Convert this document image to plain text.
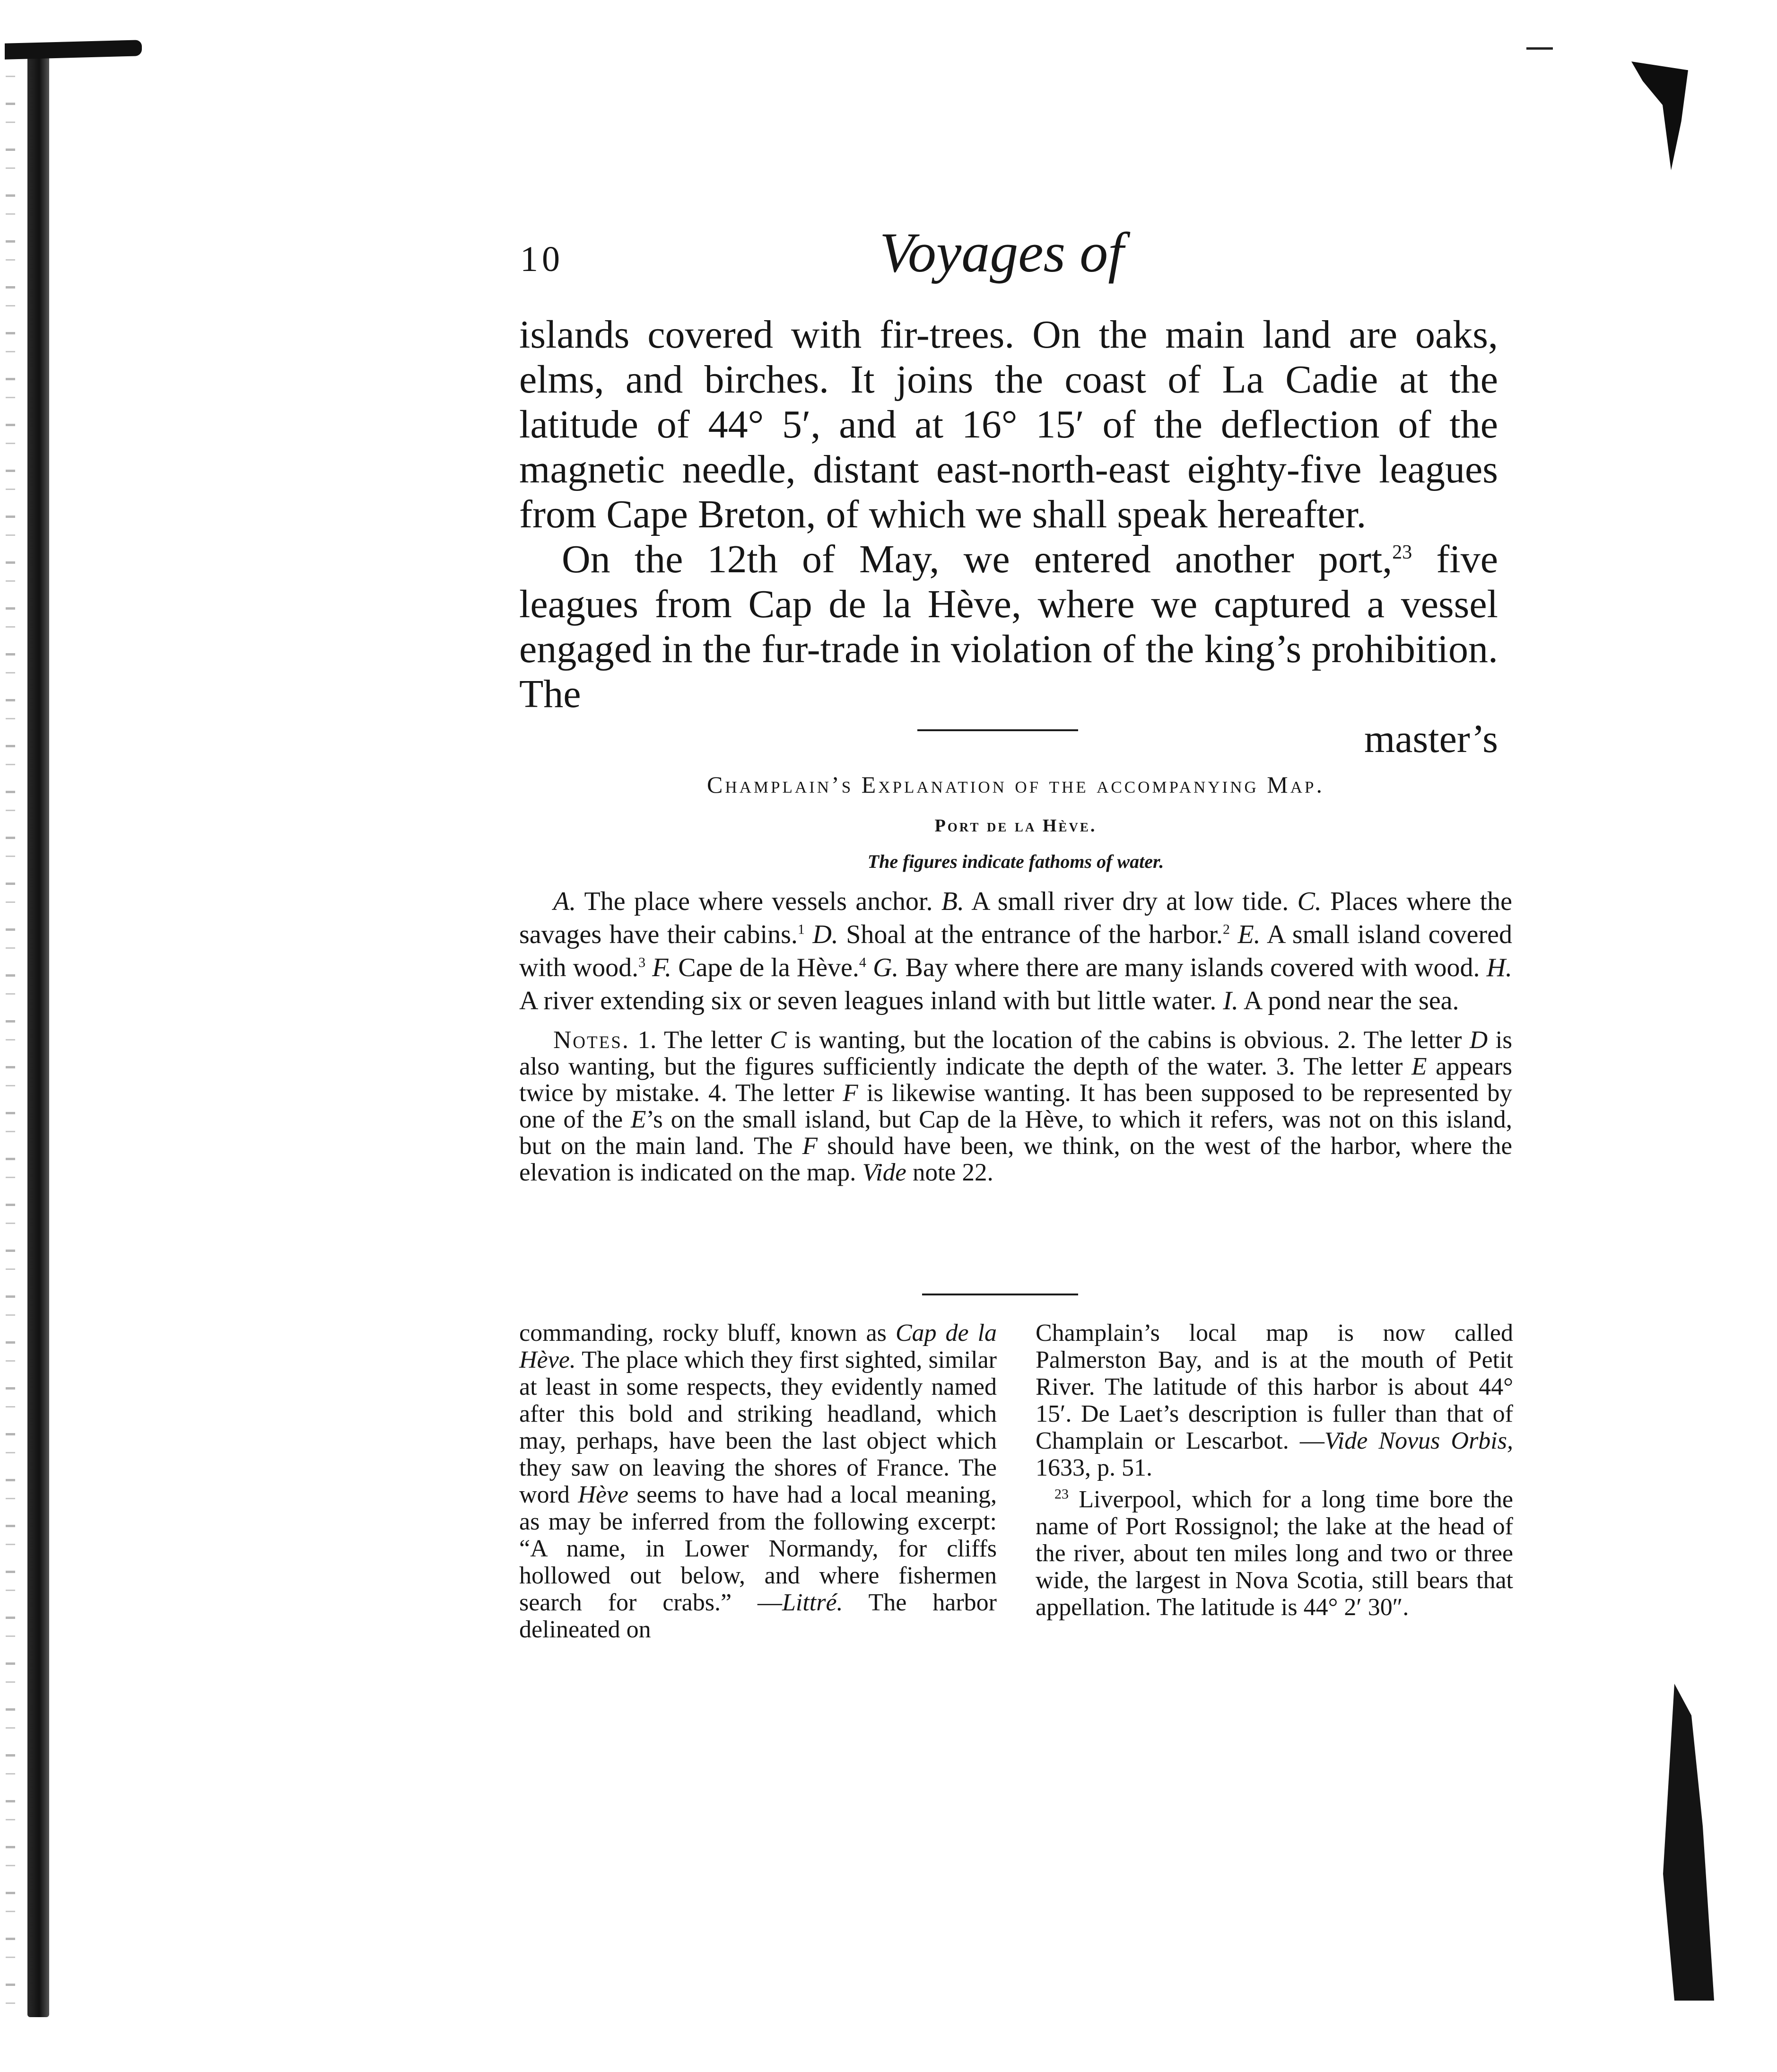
10	Voyages of

islands covered with fir-trees. On the main land are oaks, elms, and birches. It joins the coast of La Cadie at the latitude of 44° 5′, and at 16° 15′ of the deflection of the magnetic needle, distant east-north-east eighty-five leagues from Cape Breton, of which we shall speak hereafter.

On the 12th of May, we entered another port,$^{23}$ five leagues from Cap de la Hève, where we captured a vessel engaged in the fur-trade in violation of the king’s prohibition. The

master’s

Champlain’s Explanation of the accompanying Map.

Port de la Hève.

The figures indicate fathoms of water.

A. The place where vessels anchor. B. A small river dry at low tide. C. Places where the savages have their cabins.$^1$ D. Shoal at the entrance of the harbor.$^2$ E. A small island covered with wood.$^3$ F. Cape de la Hève.$^4$ G. Bay where there are many islands covered with wood. H. A river extending six or seven leagues inland with but little water. I. A pond near the sea.

Notes. 1. The letter C is wanting, but the location of the cabins is obvious. 2. The letter D is also wanting, but the figures sufficiently indicate the depth of the water. 3. The letter E appears twice by mistake. 4. The letter F is likewise wanting. It has been supposed to be represented by one of the E’s on the small island, but Cap de la Hève, to which it refers, was not on this island, but on the main land. The F should have been, we think, on the west of the harbor, where the elevation is indicated on the map. Vide note 22.

commanding, rocky bluff, known as Cap de la Hève. The place which they first sighted, similar at least in some respects, they evidently named after this bold and striking headland, which may, perhaps, have been the last object which they saw on leaving the shores of France. The word Hève seems to have had a local meaning, as may be inferred from the following excerpt: “A name, in Lower Normandy, for cliffs hollowed out below, and where fishermen search for crabs.” —Littré. The harbor delineated on

Champlain’s local map is now called Palmerston Bay, and is at the mouth of Petit River. The latitude of this harbor is about 44° 15′. De Laet’s description is fuller than that of Champlain or Lescarbot. —Vide Novus Orbis, 1633, p. 51.

$^{23}$ Liverpool, which for a long time bore the name of Port Rossignol; the lake at the head of the river, about ten miles long and two or three wide, the largest in Nova Scotia, still bears that appellation. The latitude is 44° 2′ 30″.
